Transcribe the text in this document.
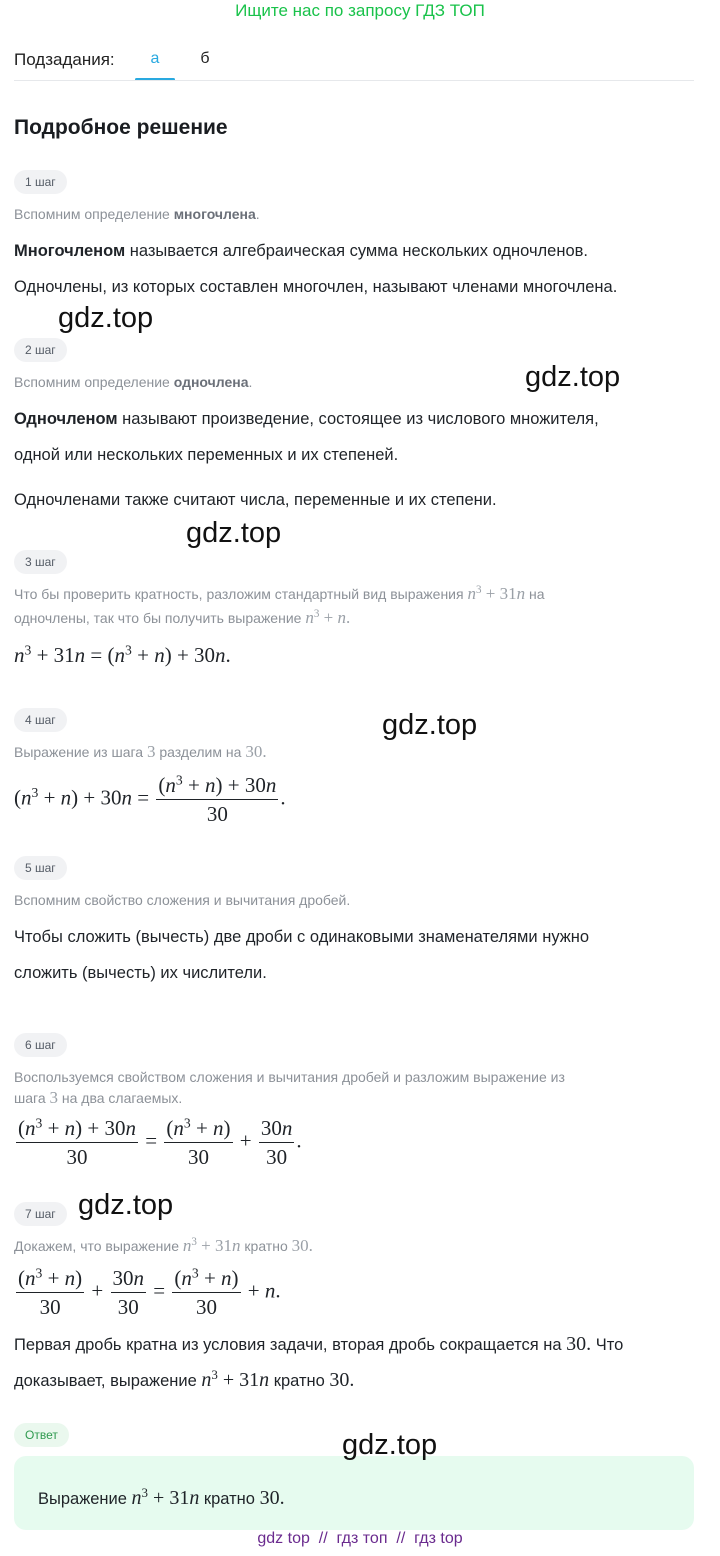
Ищите нас по запросу ГДЗ ТОП
Подзадания:	а	б
Подробное решение
1 шаг
Вспомним определение многочлена.
Многочленом называется алгебраическая сумма нескольких одночленов.
Одночлены, из которых составлен многочлен, называют членами многочлена.
2 шаг
Вспомним определение одночлена.
Одночленом называют произведение, состоящее из числового множителя,
одной или нескольких переменных и их степеней.
Одночленами также считают числа, переменные и их степени.
3 шаг
Что бы проверить кратность, разложим стандартный вид выражения $n^3 + 31n$ на
одночлены, так что бы получить выражение $n^3 + n$.
$n^3 + 31n = (n^3 + n) + 30n$.
4 шаг
Выражение из шага 3 разделим на 30.
$(n^3 + n) + 30n = \frac{(n^3 + n) + 30n}{30}$ .
5 шаг
Вспомним свойство сложения и вычитания дробей.
Чтобы сложить (вычесть) две дроби с одинаковыми знаменателями нужно
сложить (вычесть) их числители.
6 шаг
Воспользуемся свойством сложения и вычитания дробей и разложим выражение из
шага 3 на два слагаемых.
$\frac{(n^3 + n) + 30n}{30} = \frac{(n^3 + n)}{30} + \frac{30n}{30}$ .
7 шаг
Докажем, что выражение $n^3 + 31n$ кратно 30.
$\frac{(n^3 + n)}{30} + \frac{30n}{30} = \frac{(n^3 + n)}{30} + n$.
Первая дробь кратна из условия задачи, вторая дробь сокращается на 30. Что
доказывает, выражение $n^3 + 31n$ кратно 30.
Ответ
Выражение $n^3 + 31n$ кратно 30.
gdz.top
gdz.top
gdz.top
gdz.top
gdz.top
gdz.top
gdz top  //  гдз топ  //  гдз top
